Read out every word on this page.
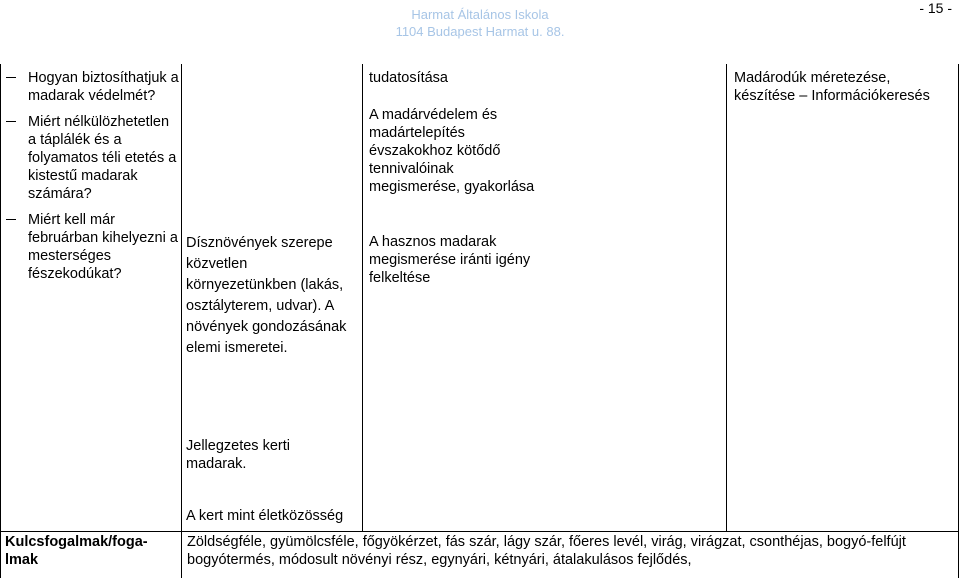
Harmat Általános Iskola
1104 Budapest Harmat u. 88.
- 15 -
Hogyan biztosíthatjuk a madarak védelmét?
Miért nélkülözhetetlen a táplálék és a folyamatos téli etetés a kistestű madarak számára?
Miért kell már februárban kihelyezni a mesterséges fészekodúkat?
Dísznövények szerepe közvetlen környezetünkben (lakás, osztályterem, udvar). A növények gondozásának elemi ismeretei.
Jellegzetes kerti madarak.
A kert mint életközösség
tudatosítása
A madárvédelem és madártelepítés évszakokhoz kötődő tennivalóinak megismerése, gyakorlása
A hasznos madarak megismerése iránti igény felkeltése
Madárodúk méretezése, készítése – Információkeresés
Kulcsfogalmak/foga-lmak
Zöldségféle, gyümölcsféle, főgyökérzet, fás szár, lágy szár, főeres levél, virág, virágzat, csonthéjas, bogyó-felfújt bogyótermés, módosult növényi rész, egynyári, kétnyári, átalakulásos fejlődés,
